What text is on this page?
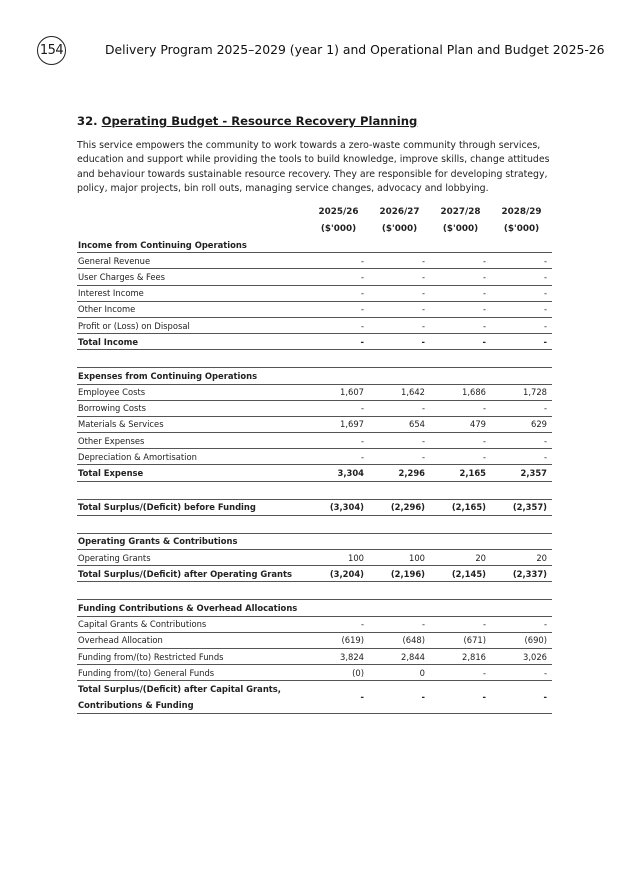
154	Delivery Program 2025–2029 (year 1) and Operational Plan and Budget 2025-26
32. Operating Budget - Resource Recovery Planning
This service empowers the community to work towards a zero-waste community through services, education and support while providing the tools to build knowledge, improve skills, change attitudes and behaviour towards sustainable resource recovery. They are responsible for developing strategy, policy, major projects, bin roll outs, managing service changes, advocacy and lobbying.
	2025/26	2026/27	2027/28	2028/29
	($'000)	($'000)	($'000)	($'000)
Income from Continuing Operations				
General Revenue	-	-	-	-
User Charges & Fees	-	-	-	-
Interest Income	-	-	-	-
Other Income	-	-	-	-
Profit or (Loss) on Disposal	-	-	-	-
Total Income	-	-	-	-

Expenses from Continuing Operations				
Employee Costs	1,607	1,642	1,686	1,728
Borrowing Costs	-	-	-	-
Materials & Services	1,697	654	479	629
Other Expenses	-	-	-	-
Depreciation & Amortisation	-	-	-	-
Total Expense	3,304	2,296	2,165	2,357

Total Surplus/(Deficit) before Funding	(3,304)	(2,296)	(2,165)	(2,357)

Operating Grants & Contributions				
Operating Grants	100	100	20	20
Total Surplus/(Deficit) after Operating Grants	(3,204)	(2,196)	(2,145)	(2,337)

Funding Contributions & Overhead Allocations				
Capital Grants & Contributions	-	-	-	-
Overhead Allocation	(619)	(648)	(671)	(690)
Funding from/(to) Restricted Funds	3,824	2,844	2,816	3,026
Funding from/(to) General Funds	(0)	0	-	-

Total Surplus/(Deficit) after Capital Grants,
Contributions & Funding	-	-	-	-
